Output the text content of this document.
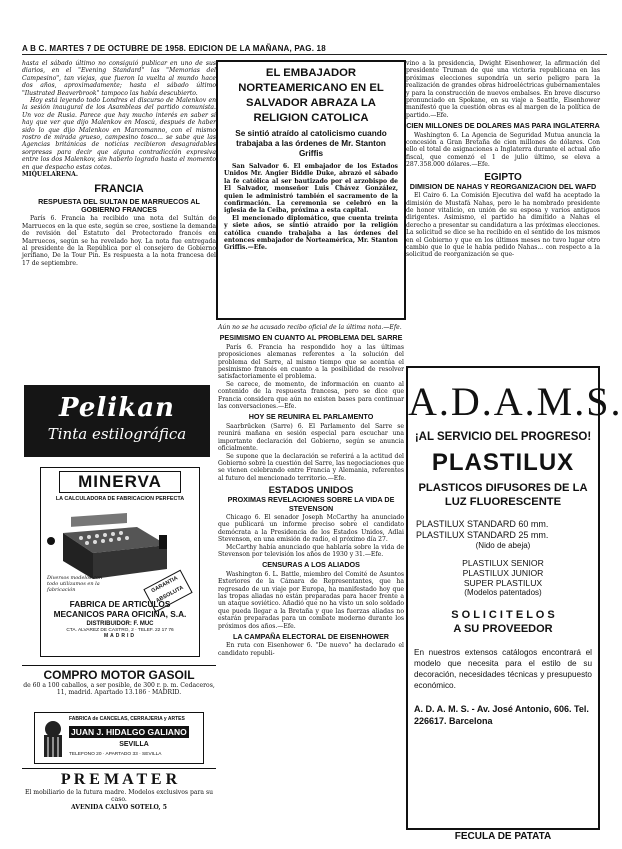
A B C. MARTES 7 DE OCTUBRE DE 1958. EDICION DE LA MAÑANA, PAG. 18

hasta el sábado último no consiguió publicar en uno de sus diarios, en el "Evening Standard" las "Memorias del Campesino", tan viejas, que fueron la vuelta al mundo hace dos años, aproximadamente; hasta el sábado último "Ilustrated Beaverbrook" tampoco las había descubierto.

Hoy está leyendo todo Londres el discurso de Malenkov en la sesión inaugural de los Asambleas del partido comunista. Un voz de Rusia. Parece que hay mucho interés en saber si hay que ver que dijo Malenkov en Moscú, después de haber sido lo que dijo Malenkov en Marcomanno, con el mismo rostro de mirada grueso, campesino tosco... se sabe que las Agencias británicas de noticias recibieron desagradables sorpresas para decir que alguna contradicción expresiva entre los dos Malenkov, sin haberlo logrado hasta el momento en que despacho estas cotas.

MIQUELARENA.

FRANCIA

RESPUESTA DEL SULTAN DE MARRUECOS AL GOBIERNO FRANCES

París 6. Francia ha recibido una nota del Sultán de Marruecos en la que este, según se cree, sostiene la demanda de revisión del Estatuto del Protectorado francés en Marruecos, según se ha revelado hoy. La nota fue entregada al presidente de la República por el consejero de Gobierno jerifiano, De la Tour Pin. Es respuesta a la nota francesa del 17 de septiembre.

Pelikan
Tinta estilográfica
MINERVA
LA CALCULADORA DE FABRICACION PERFECTA
GARANTIA ABSOLUTA
Diversos modelos con todo utilizamos en la fabricación
FABRICA DE ARTICULOS MECANICOS PARA OFICINA, S.A.
DISTRIBUIDOR: F. MUC
CTA. ALVAREZ DE CASTRO, 2 · TELEF. 22 17 76
MADRID
COMPRO MOTOR GASOIL

de 60 a 100 caballos, a ser posible, de 300 r. p. m. Cedaceros, 11, madrid. Apartado 13.186 · MADRID.

FABRICA de CANCELAS, CERRAJERIA y ARTES
JUAN J. HIDALGO GALIANO
SEVILLA
TELEFONO 20 · APARTADO 33 · SEVILLA
P R E M A T E R

El mobiliario de la futura madre. Modelos exclusivos para su caso.

AVENIDA CALVO SOTELO, 5

EL EMBAJADOR NORTEAMERICANO EN EL SALVADOR ABRAZA LA RELIGION CATOLICA
Se sintió atraído al catolicismo cuando trabajaba a las órdenes de Mr. Stanton Griffis

San Salvador 6. El embajador de los Estados Unidos Mr. Angier Biddle Duke, abrazó el sábado la fe católica al ser bautizado por el arzobispo de El Salvador, monseñor Luis Chávez González, quien le administró también el sacramento de la confirmación. La ceremonia se celebró en la iglesia de la Ceiba, próxima a esta capital.

El mencionado diplomático, que cuenta treinta y siete años, se sintió atraído por la religión católica cuando trabajaba a las órdenes del entonces embajador de Norteamérica, Mr. Stanton Griffis.—Efe.

Aún no se ha acusado recibo oficial de la última nota.—Efe.

PESIMISMO EN CUANTO AL PROBLEMA DEL SARRE

París 6. Francia ha respondido hoy a las últimas proposiciones alemanas referentes a la solución del problema del Sarre, al mismo tiempo que se acentúa el pesimismo francés en cuanto a la posibilidad de resolver satisfactoriamente el problema.

Se carece, de momento, de información en cuanto al contenido de la respuesta francesa, pero se dice que Francia considera que aún no existen bases para continuar las conversaciones.—Efe.

HOY SE REUNIRA EL PARLAMENTO

Saarbrücken (Sarre) 6. El Parlamento del Sarre se reunirá mañana en sesión especial para escuchar una importante declaración del Gobierno, según se anuncia oficialmente.

Se supone que la declaración se referirá a la actitud del Gobierno sobre la cuestión del Sarre, las negociaciones que se vienen celebrando entre Francia y Alemania, referentes al futuro del mencionado territorio.—Efe.

ESTADOS UNIDOS

PROXIMAS REVELACIONES SOBRE LA VIDA DE STEVENSON

Chicago 6. El senador Joseph McCarthy ha anunciado que publicará un informe preciso sobre el candidato demócrata a la Presidencia de los Estados Unidos, Adlai Stevenson, en una emisión de radio, el próximo día 27.

McCarthy había anunciado que hablaría sobre la vida de Stevenson por televisión los años de 1930 y 31.—Efe.

CENSURAS A LOS ALIADOS

Washington 6. L. Battle, miembro del Comité de Asuntos Exteriores de la Cámara de Representantes, que ha regresado de un viaje por Europa, ha manifestado hoy que las tropas aliadas no están preparadas para hacer frente a un ataque soviético. Añadió que no ha visto un solo soldado que pueda llegar a la Bretaña y que las fuerzas aliadas no estarán preparadas para un combate moderno durante los próximos dos años.—Efe.

LA CAMPAÑA ELECTORAL DE EISENHOWER

En ruta con Eisenhower 6. "De nuevo" ha declarado el candidato republi-

vino a la presidencia, Dwight Eisenhower, la afirmación del presidente Truman de que una victoria republicana en las próximas elecciones supondría un serio peligro para la realización de grandes obras hidroeléctricas gubernamentales y para la construcción de nuevos embalses. En breve discurso pronunciado en Spokane, en su viaje a Seattle, Eisenhower manifestó que la cuestión obras es al margen de la política de partido.—Efe.

CIEN MILLONES DE DOLARES MAS PARA INGLATERRA

Washington 6. La Agencia de Seguridad Mutua anuncia la concesión a Gran Bretaña de cien millones de dólares. Con ello el total de asignaciones a Inglaterra durante el actual año fiscal, que comenzó el 1 de julio último, se eleva a 287.358.000 dólares.—Efe.

EGIPTO

DIMISION DE NAHAS Y REORGANIZACION DEL WAFD

El Cairo 6. La Comisión Ejecutiva del wafd ha aceptado la dimisión de Mustafá Nahas, pero le ha nombrado presidente de honor vitalicio, en unión de su esposa y varios antiguos dirigentes. Asimismo, el partido ha dimitido a Nahas el derecho a presentar su candidatura a las próximas elecciones. La solicitud se dice se ha recibido en el sentido de los mismos en el Gobierno y que en los últimos meses no tuvo lugar otro cambio que lo que le había pedido Nahas... con respecto a la solicitud de reorganización se que-

A.D.A.M.S.
¡AL SERVICIO DEL PROGRESO!
PLASTILUX
PLASTICOS DIFUSORES DE LA LUZ FLUORESCENTE
PLASTILUX STANDARD 60 mm.
PLASTILUX STANDARD 25 mm.
(Nido de abeja)
PLASTILUX SENIOR
PLASTILUX JUNIOR
SUPER PLASTILUX
(Modelos patentados)
S O L I C I T E L O S
A SU PROVEEDOR
En nuestros extensos catálogos encontrará el modelo que necesita para el estilo de su decoración, necesidades técnicas y presupuesto económico.
A. D. A. M. S. - Av. José Antonio, 606. Tel. 226617. Barcelona
FECULA DE PATATA
